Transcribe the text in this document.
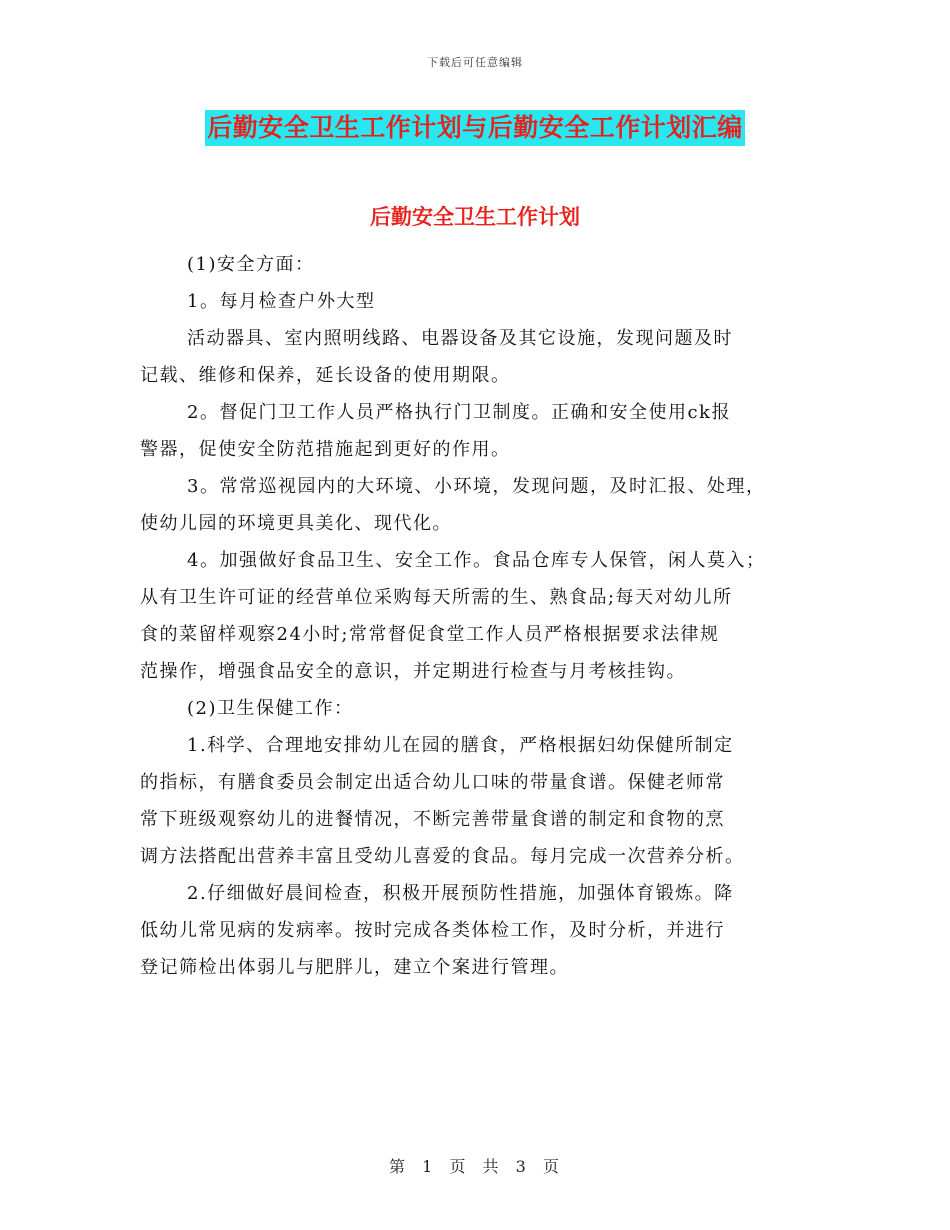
下载后可任意编辑
后勤安全卫生工作计划与后勤安全工作计划汇编
后勤安全卫生工作计划

(1)安全方面：

1。每月检查户外大型

活动器具、室内照明线路、电器设备及其它设施，发现问题及时

记载、维修和保养，延长设备的使用期限。

2。督促门卫工作人员严格执行门卫制度。正确和安全使用ck报

警器，促使安全防范措施起到更好的作用。

3。常常巡视园内的大环境、小环境，发现问题，及时汇报、处理，

使幼儿园的环境更具美化、现代化。

4。加强做好食品卫生、安全工作。食品仓库专人保管，闲人莫入；

从有卫生许可证的经营单位采购每天所需的生、熟食品;每天对幼儿所

食的菜留样观察24小时;常常督促食堂工作人员严格根据要求法律规

范操作，增强食品安全的意识，并定期进行检查与月考核挂钩。

(2)卫生保健工作：

1.科学、合理地安排幼儿在园的膳食，严格根据妇幼保健所制定

的指标，有膳食委员会制定出适合幼儿口味的带量食谱。保健老师常

常下班级观察幼儿的进餐情况，不断完善带量食谱的制定和食物的烹

调方法搭配出营养丰富且受幼儿喜爱的食品。每月完成一次营养分析。

2.仔细做好晨间检查，积极开展预防性措施，加强体育锻炼。降

低幼儿常见病的发病率。按时完成各类体检工作，及时分析，并进行

登记筛检出体弱儿与肥胖儿，建立个案进行管理。

第 1 页 共 3 页
